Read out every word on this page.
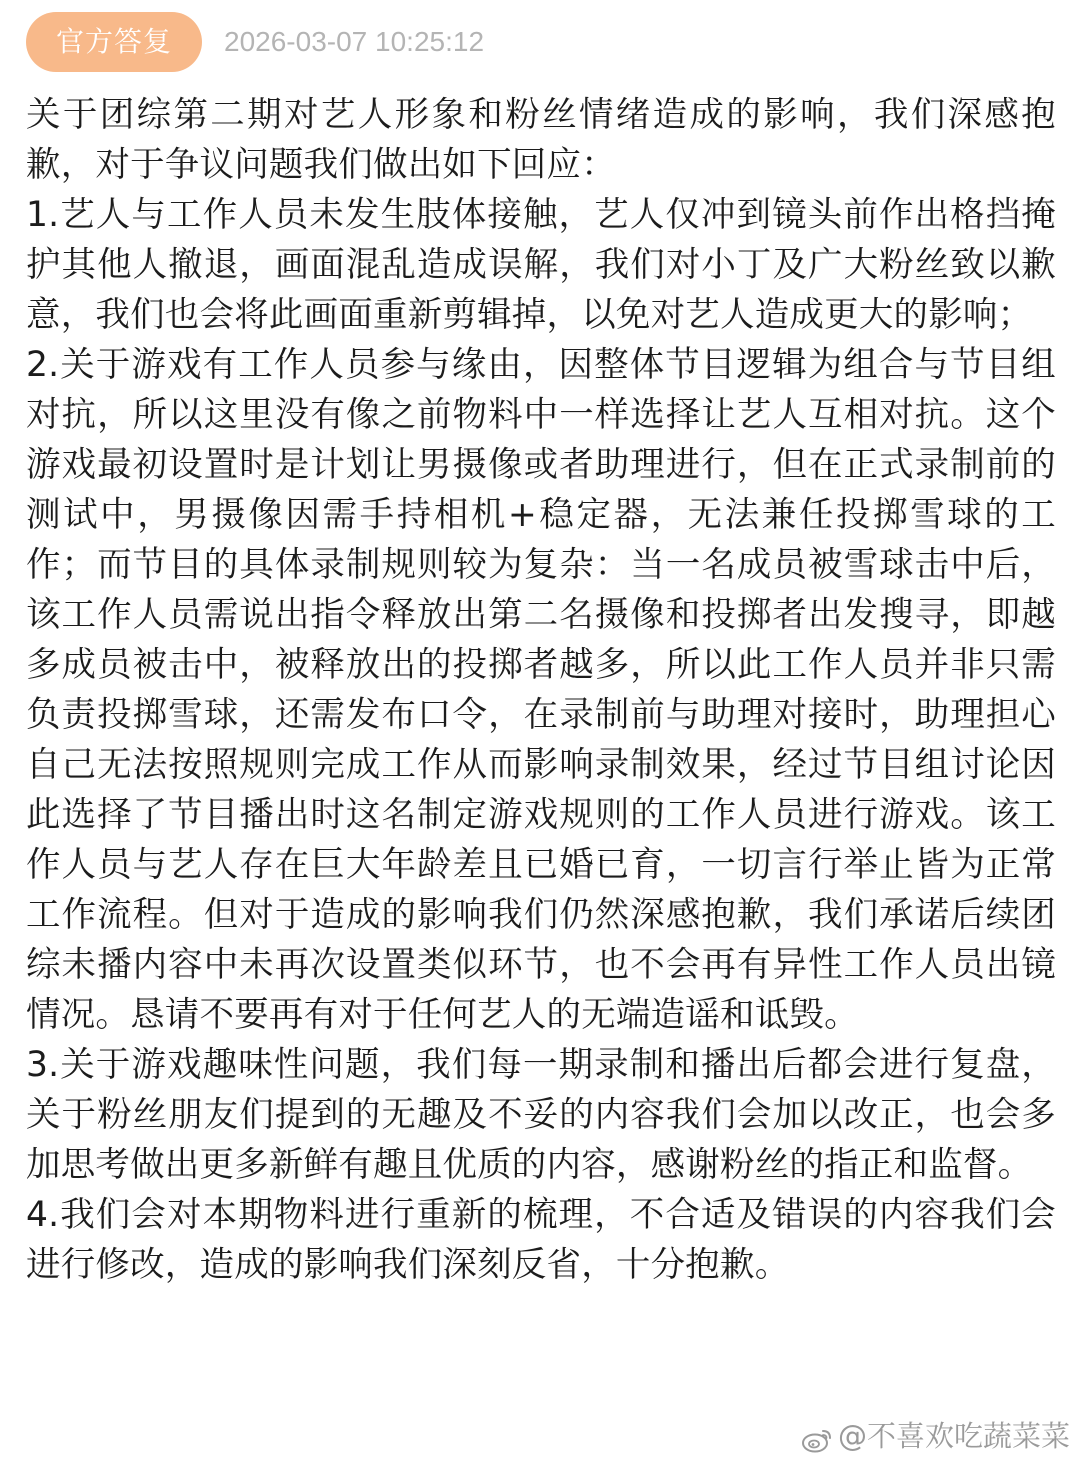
官方答复	2026-03-07 10:25:12

关于团综第二期对艺人形象和粉丝情绪造成的影响，我们深感抱歉，对于争议问题我们做出如下回应：

1.艺人与工作人员未发生肢体接触，艺人仅冲到镜头前作出格挡掩护其他人撤退，画面混乱造成误解，我们对小丁及广大粉丝致以歉意，我们也会将此画面重新剪辑掉，以免对艺人造成更大的影响；

2.关于游戏有工作人员参与缘由，因整体节目逻辑为组合与节目组对抗，所以这里没有像之前物料中一样选择让艺人互相对抗。这个游戏最初设置时是计划让男摄像或者助理进行，但在正式录制前的测试中，男摄像因需手持相机+稳定器，无法兼任投掷雪球的工作；而节目的具体录制规则较为复杂：当一名成员被雪球击中后，该工作人员需说出指令释放出第二名摄像和投掷者出发搜寻，即越多成员被击中，被释放出的投掷者越多，所以此工作人员并非只需负责投掷雪球，还需发布口令，在录制前与助理对接时，助理担心自己无法按照规则完成工作从而影响录制效果，经过节目组讨论因此选择了节目播出时这名制定游戏规则的工作人员进行游戏。该工作人员与艺人存在巨大年龄差且已婚已育，一切言行举止皆为正常工作流程。但对于造成的影响我们仍然深感抱歉，我们承诺后续团综未播内容中未再次设置类似环节，也不会再有异性工作人员出镜情况。恳请不要再有对于任何艺人的无端造谣和诋毁。

3.关于游戏趣味性问题，我们每一期录制和播出后都会进行复盘，关于粉丝朋友们提到的无趣及不妥的内容我们会加以改正，也会多加思考做出更多新鲜有趣且优质的内容，感谢粉丝的指正和监督。

4.我们会对本期物料进行重新的梳理，不合适及错误的内容我们会进行修改，造成的影响我们深刻反省，十分抱歉。

@不喜欢吃蔬菜菜
